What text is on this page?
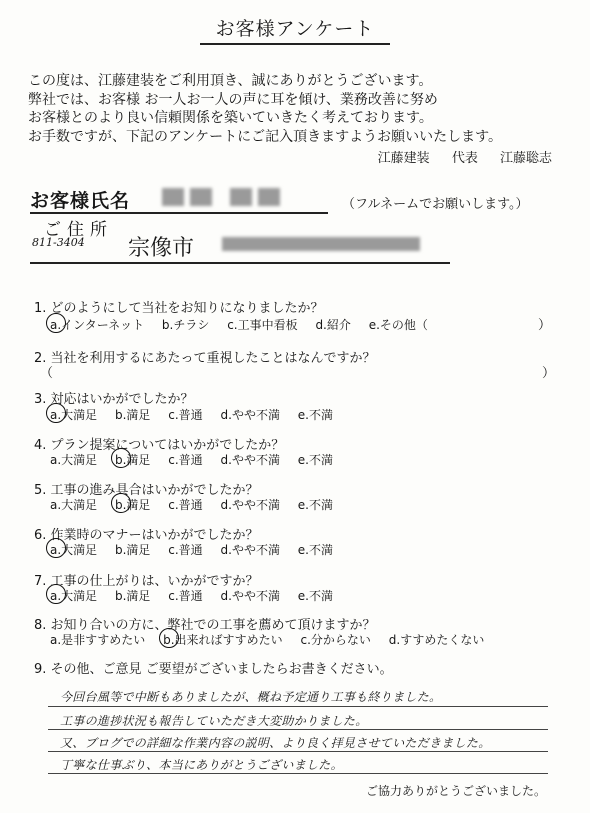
お客様アンケート
この度は、江藤建装をご利用頂き、誠にありがとうございます。
弊社では、お客様 お一人お一人の声に耳を傾け、業務改善に努め
お客様とのより良い信頼関係を築いていきたく考えております。
お手数ですが、下記のアンケートにご記入頂きますようお願いいたします。
江藤建装 代表 江藤聡志
お客様氏名	（フルネームでお願いします。）
ご住所
811-3404 宗像市
1. どのようにして当社をお知りになりましたか？
a.インターネット b.チラシ c.工事中看板 d.紹介 e.その他（	）
2. 当社を利用するにあたって重視したことはなんですか？
（	）
3. 対応はいかがでしたか？
a.大満足 b.満足 c.普通 d.やや不満 e.不満
4. プラン提案についてはいかがでしたか？
a.大満足 b.満足 c.普通 d.やや不満 e.不満
5. 工事の進み具合はいかがでしたか？
a.大満足 b.満足 c.普通 d.やや不満 e.不満
6. 作業時のマナーはいかがでしたか？
a.大満足 b.満足 c.普通 d.やや不満 e.不満
7. 工事の仕上がりは、いかがですか？
a.大満足 b.満足 c.普通 d.やや不満 e.不満
8. お知り合いの方に、弊社での工事を薦めて頂けますか？
a.是非すすめたい b.出来ればすすめたい c.分からない d.すすめたくない
9. その他、ご意見 ご要望がございましたらお書きください。
今回台風等で中断もありましたが、概ね予定通り工事も終りました。
工事の進捗状況も報告していただき大変助かりました。
又、ブログでの詳細な作業内容の説明、より良く拝見させていただきました。
丁寧な仕事ぶり、本当にありがとうございました。
ご協力ありがとうございました。
